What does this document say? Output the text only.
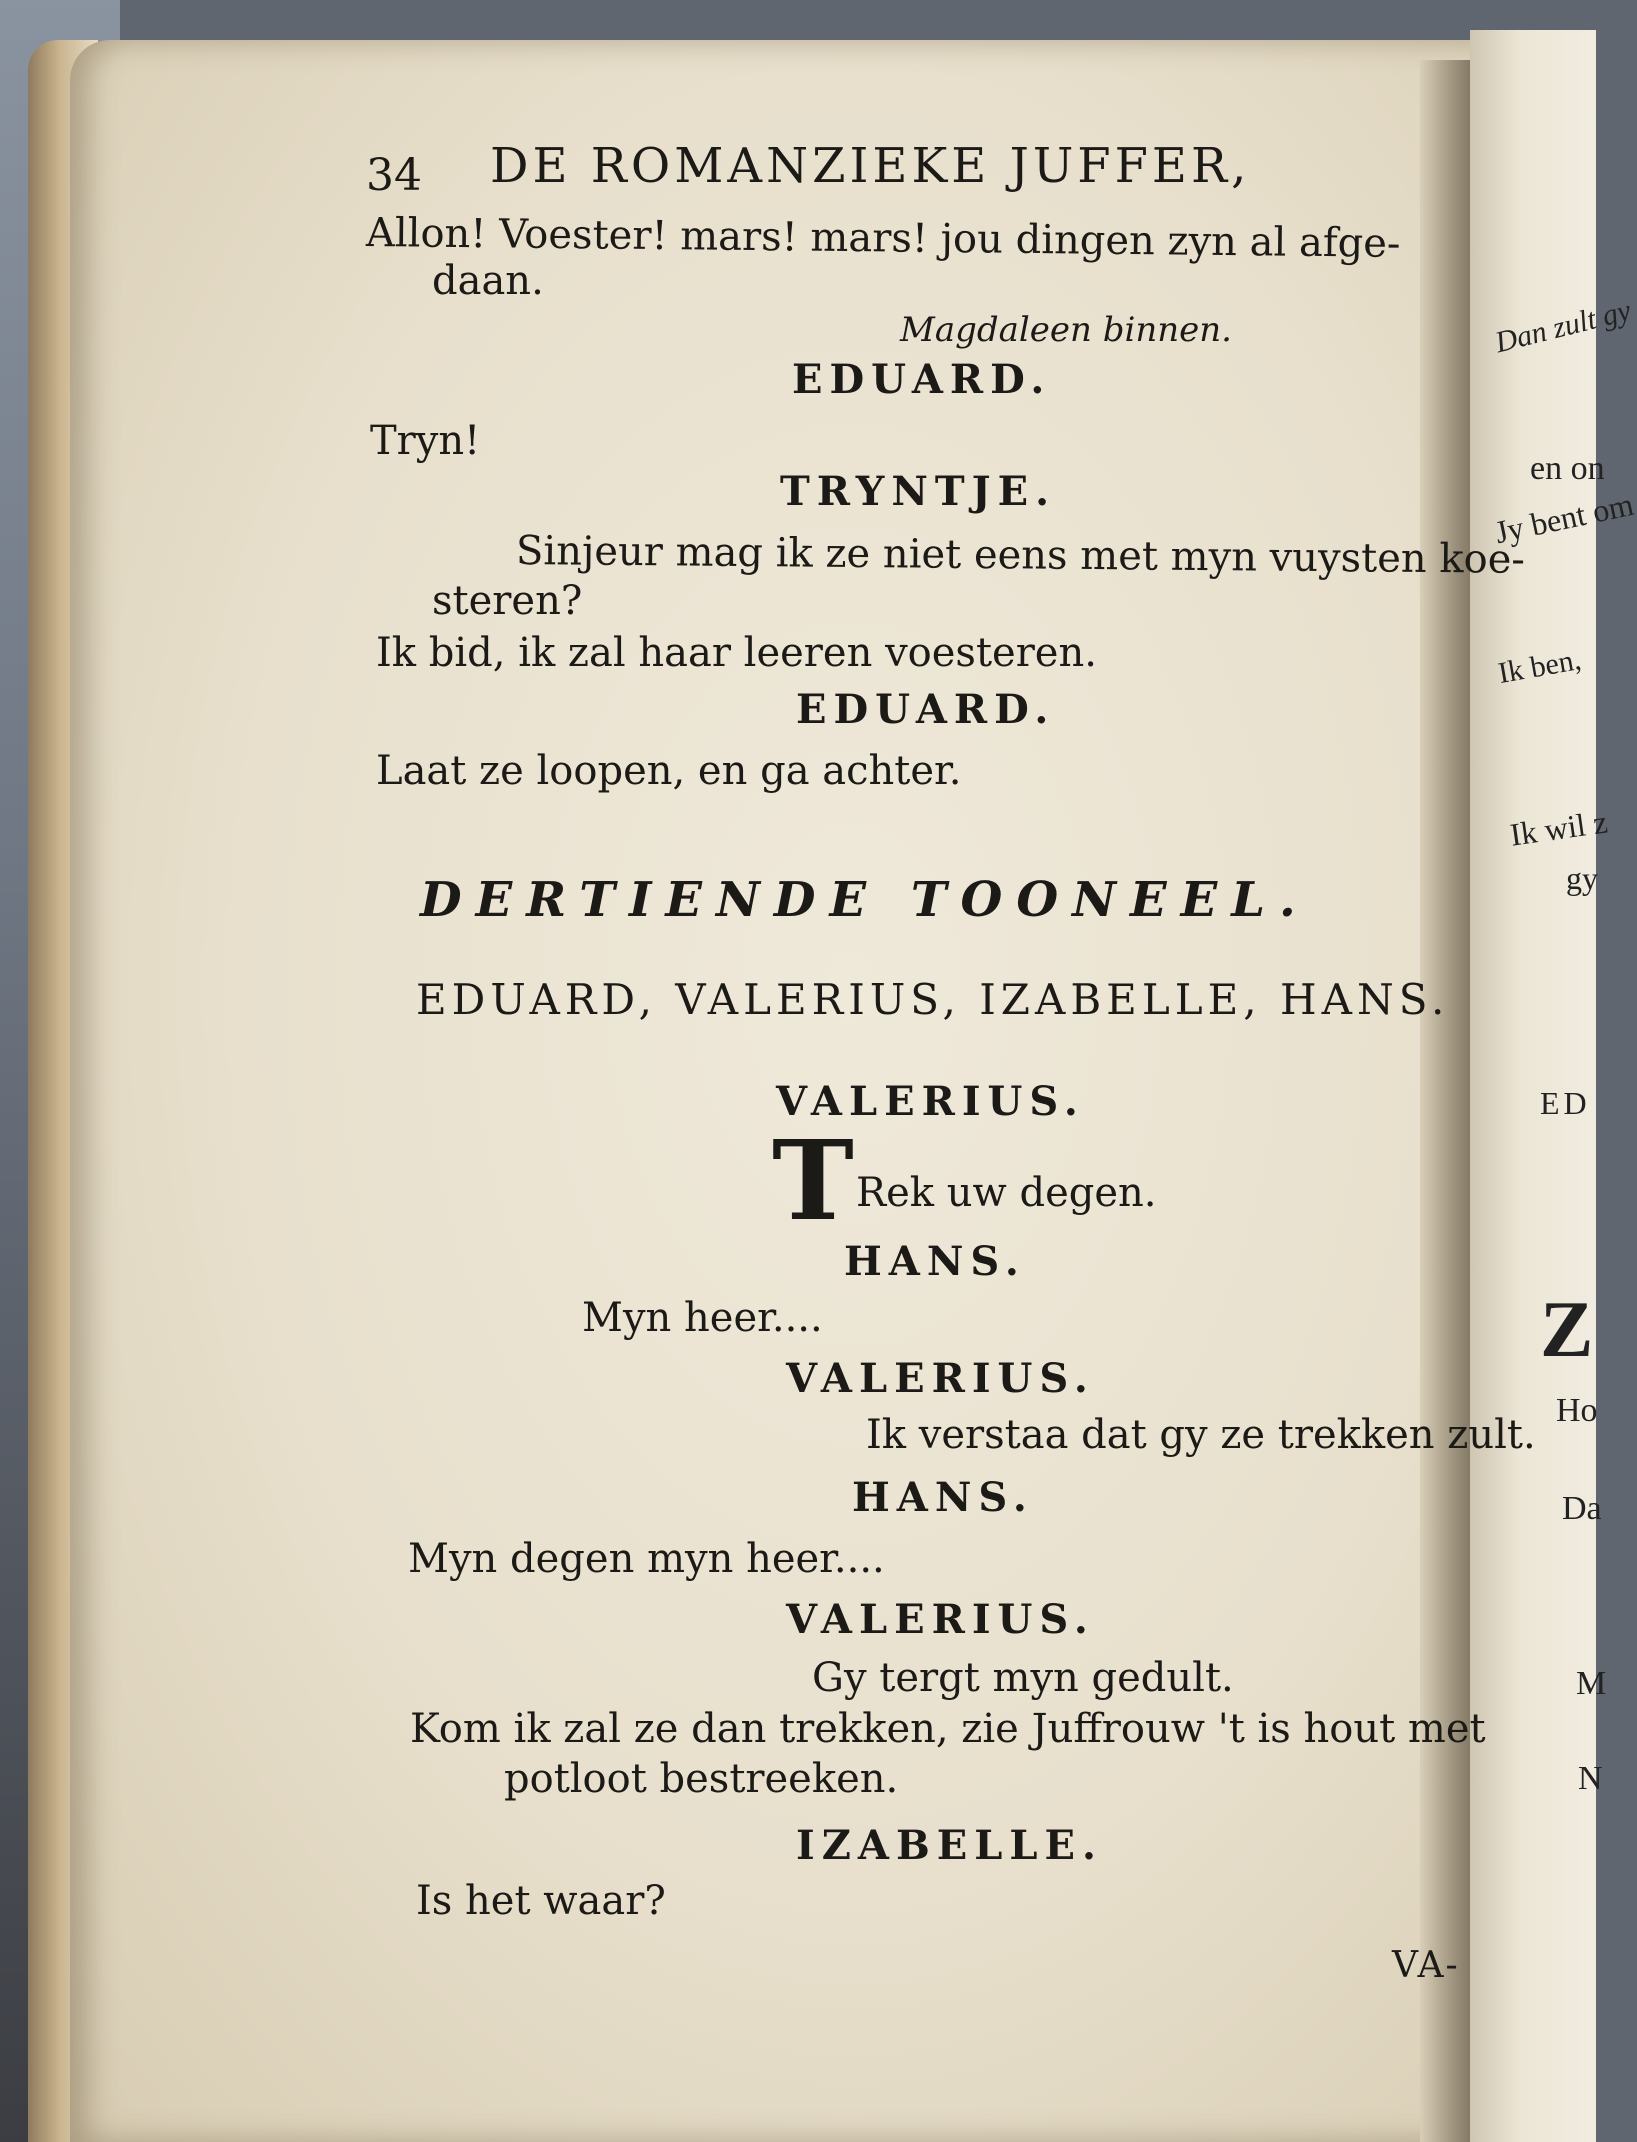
Dan zult gy
en on
Jy bent om
Ik ben,
Ik wil z
gy
ED
Z
Ho
Da
M
N
34 DE ROMANZIEKE JUFFER,
Allon! Voester! mars! mars! jou dingen zyn al afge-
daan.
Magdaleen binnen.
EDUARD.
Tryn!
TRYNTJE.
Sinjeur mag ik ze niet eens met myn vuysten koe-
steren?
Ik bid, ik zal haar leeren voesteren.
EDUARD.
Laat ze loopen, en ga achter.
DERTIENDE TOONEEL.
EDUARD, VALERIUS, IZABELLE, HANS.
VALERIUS.
T Rek uw degen.
HANS.
Myn heer....
VALERIUS.
Ik verstaa dat gy ze trekken zult.
HANS.
Myn degen myn heer....
VALERIUS.
Gy tergt myn gedult.
Kom ik zal ze dan trekken, zie Juffrouw 't is hout met
potloot bestreeken.
IZABELLE.
Is het waar?
VA-
